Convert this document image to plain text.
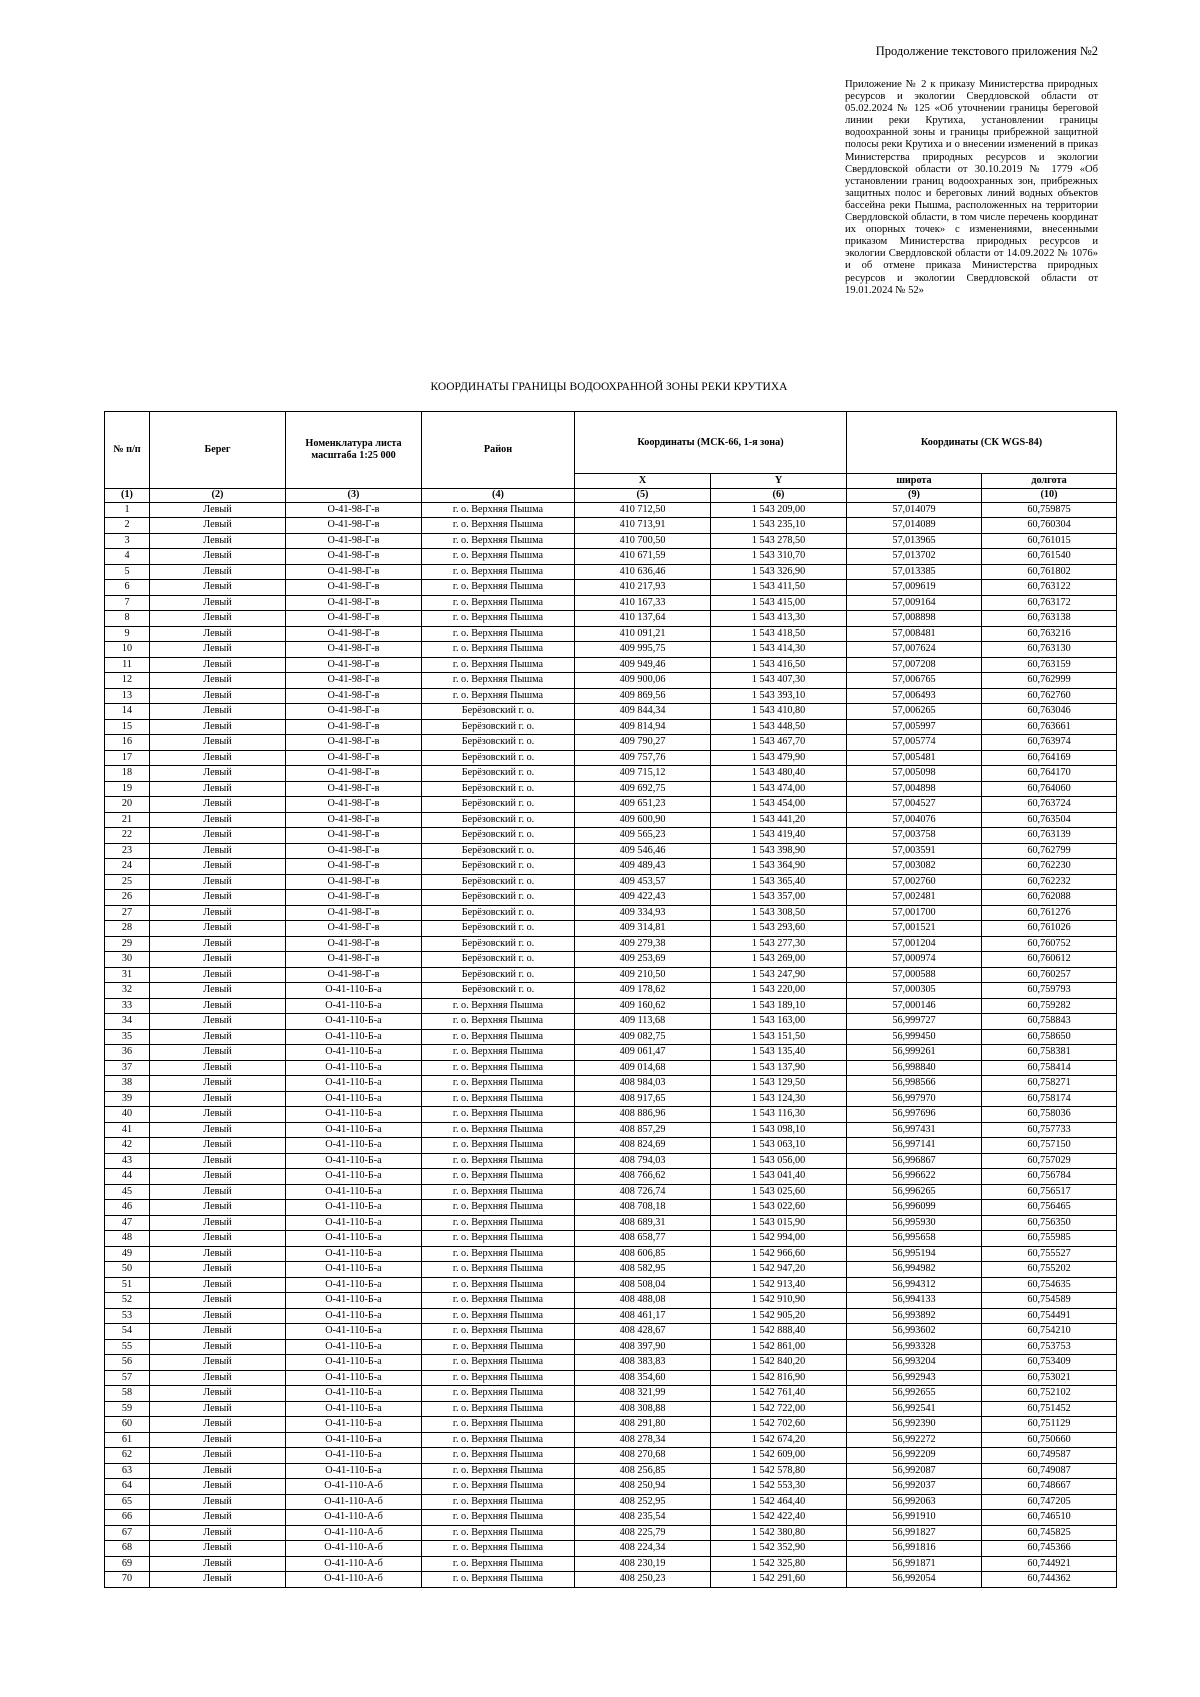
Продолжение текстового приложения №2
Приложение № 2 к приказу Министерства природных ресурсов и экологии Свердловской области от 05.02.2024 № 125 «Об уточнении границы береговой линии реки Крутиха, установлении границы водоохранной зоны и границы прибрежной защитной полосы реки Крутиха и о внесении изменений в приказ Министерства природных ресурсов и экологии Свердловской области от 30.10.2019 № 1779 «Об установлении границ водоохранных зон, прибрежных защитных полос и береговых линий водных объектов бассейна реки Пышма, расположенных на территории Свердловской области, в том числе перечень координат их опорных точек» с изменениями, внесенными приказом Министерства природных ресурсов и экологии Свердловской области от 14.09.2022 № 1076» и об отмене приказа Министерства природных ресурсов и экологии Свердловской области от 19.01.2024 № 52»
КООРДИНАТЫ ГРАНИЦЫ ВОДООХРАННОЙ ЗОНЫ РЕКИ КРУТИХА
№ п/п	Берег	Номенклатура листа масштаба 1:25 000	Район	Координаты (МСК-66, 1-я зона)		Координаты (СК WGS-84)	
				X	Y	широта	долгота
(1)	(2)	(3)	(4)	(5)	(6)	(9)	(10)
1	Левый	О-41-98-Г-в	г. о. Верхняя Пышма	410 712,50	1 543 209,00	57,014079	60,759875
2	Левый	О-41-98-Г-в	г. о. Верхняя Пышма	410 713,91	1 543 235,10	57,014089	60,760304
3	Левый	О-41-98-Г-в	г. о. Верхняя Пышма	410 700,50	1 543 278,50	57,013965	60,761015
4	Левый	О-41-98-Г-в	г. о. Верхняя Пышма	410 671,59	1 543 310,70	57,013702	60,761540
5	Левый	О-41-98-Г-в	г. о. Верхняя Пышма	410 636,46	1 543 326,90	57,013385	60,761802
6	Левый	О-41-98-Г-в	г. о. Верхняя Пышма	410 217,93	1 543 411,50	57,009619	60,763122
7	Левый	О-41-98-Г-в	г. о. Верхняя Пышма	410 167,33	1 543 415,00	57,009164	60,763172
8	Левый	О-41-98-Г-в	г. о. Верхняя Пышма	410 137,64	1 543 413,30	57,008898	60,763138
9	Левый	О-41-98-Г-в	г. о. Верхняя Пышма	410 091,21	1 543 418,50	57,008481	60,763216
10	Левый	О-41-98-Г-в	г. о. Верхняя Пышма	409 995,75	1 543 414,30	57,007624	60,763130
11	Левый	О-41-98-Г-в	г. о. Верхняя Пышма	409 949,46	1 543 416,50	57,007208	60,763159
12	Левый	О-41-98-Г-в	г. о. Верхняя Пышма	409 900,06	1 543 407,30	57,006765	60,762999
13	Левый	О-41-98-Г-в	г. о. Верхняя Пышма	409 869,56	1 543 393,10	57,006493	60,762760
14	Левый	О-41-98-Г-в	Берёзовский г. о.	409 844,34	1 543 410,80	57,006265	60,763046
15	Левый	О-41-98-Г-в	Берёзовский г. о.	409 814,94	1 543 448,50	57,005997	60,763661
16	Левый	О-41-98-Г-в	Берёзовский г. о.	409 790,27	1 543 467,70	57,005774	60,763974
17	Левый	О-41-98-Г-в	Берёзовский г. о.	409 757,76	1 543 479,90	57,005481	60,764169
18	Левый	О-41-98-Г-в	Берёзовский г. о.	409 715,12	1 543 480,40	57,005098	60,764170
19	Левый	О-41-98-Г-в	Берёзовский г. о.	409 692,75	1 543 474,00	57,004898	60,764060
20	Левый	О-41-98-Г-в	Берёзовский г. о.	409 651,23	1 543 454,00	57,004527	60,763724
21	Левый	О-41-98-Г-в	Берёзовский г. о.	409 600,90	1 543 441,20	57,004076	60,763504
22	Левый	О-41-98-Г-в	Берёзовский г. о.	409 565,23	1 543 419,40	57,003758	60,763139
23	Левый	О-41-98-Г-в	Берёзовский г. о.	409 546,46	1 543 398,90	57,003591	60,762799
24	Левый	О-41-98-Г-в	Берёзовский г. о.	409 489,43	1 543 364,90	57,003082	60,762230
25	Левый	О-41-98-Г-в	Берёзовский г. о.	409 453,57	1 543 365,40	57,002760	60,762232
26	Левый	О-41-98-Г-в	Берёзовский г. о.	409 422,43	1 543 357,00	57,002481	60,762088
27	Левый	О-41-98-Г-в	Берёзовский г. о.	409 334,93	1 543 308,50	57,001700	60,761276
28	Левый	О-41-98-Г-в	Берёзовский г. о.	409 314,81	1 543 293,60	57,001521	60,761026
29	Левый	О-41-98-Г-в	Берёзовский г. о.	409 279,38	1 543 277,30	57,001204	60,760752
30	Левый	О-41-98-Г-в	Берёзовский г. о.	409 253,69	1 543 269,00	57,000974	60,760612
31	Левый	О-41-98-Г-в	Берёзовский г. о.	409 210,50	1 543 247,90	57,000588	60,760257
32	Левый	О-41-110-Б-а	Берёзовский г. о.	409 178,62	1 543 220,00	57,000305	60,759793
33	Левый	О-41-110-Б-а	г. о. Верхняя Пышма	409 160,62	1 543 189,10	57,000146	60,759282
34	Левый	О-41-110-Б-а	г. о. Верхняя Пышма	409 113,68	1 543 163,00	56,999727	60,758843
35	Левый	О-41-110-Б-а	г. о. Верхняя Пышма	409 082,75	1 543 151,50	56,999450	60,758650
36	Левый	О-41-110-Б-а	г. о. Верхняя Пышма	409 061,47	1 543 135,40	56,999261	60,758381
37	Левый	О-41-110-Б-а	г. о. Верхняя Пышма	409 014,68	1 543 137,90	56,998840	60,758414
38	Левый	О-41-110-Б-а	г. о. Верхняя Пышма	408 984,03	1 543 129,50	56,998566	60,758271
39	Левый	О-41-110-Б-а	г. о. Верхняя Пышма	408 917,65	1 543 124,30	56,997970	60,758174
40	Левый	О-41-110-Б-а	г. о. Верхняя Пышма	408 886,96	1 543 116,30	56,997696	60,758036
41	Левый	О-41-110-Б-а	г. о. Верхняя Пышма	408 857,29	1 543 098,10	56,997431	60,757733
42	Левый	О-41-110-Б-а	г. о. Верхняя Пышма	408 824,69	1 543 063,10	56,997141	60,757150
43	Левый	О-41-110-Б-а	г. о. Верхняя Пышма	408 794,03	1 543 056,00	56,996867	60,757029
44	Левый	О-41-110-Б-а	г. о. Верхняя Пышма	408 766,62	1 543 041,40	56,996622	60,756784
45	Левый	О-41-110-Б-а	г. о. Верхняя Пышма	408 726,74	1 543 025,60	56,996265	60,756517
46	Левый	О-41-110-Б-а	г. о. Верхняя Пышма	408 708,18	1 543 022,60	56,996099	60,756465
47	Левый	О-41-110-Б-а	г. о. Верхняя Пышма	408 689,31	1 543 015,90	56,995930	60,756350
48	Левый	О-41-110-Б-а	г. о. Верхняя Пышма	408 658,77	1 542 994,00	56,995658	60,755985
49	Левый	О-41-110-Б-а	г. о. Верхняя Пышма	408 606,85	1 542 966,60	56,995194	60,755527
50	Левый	О-41-110-Б-а	г. о. Верхняя Пышма	408 582,95	1 542 947,20	56,994982	60,755202
51	Левый	О-41-110-Б-а	г. о. Верхняя Пышма	408 508,04	1 542 913,40	56,994312	60,754635
52	Левый	О-41-110-Б-а	г. о. Верхняя Пышма	408 488,08	1 542 910,90	56,994133	60,754589
53	Левый	О-41-110-Б-а	г. о. Верхняя Пышма	408 461,17	1 542 905,20	56,993892	60,754491
54	Левый	О-41-110-Б-а	г. о. Верхняя Пышма	408 428,67	1 542 888,40	56,993602	60,754210
55	Левый	О-41-110-Б-а	г. о. Верхняя Пышма	408 397,90	1 542 861,00	56,993328	60,753753
56	Левый	О-41-110-Б-а	г. о. Верхняя Пышма	408 383,83	1 542 840,20	56,993204	60,753409
57	Левый	О-41-110-Б-а	г. о. Верхняя Пышма	408 354,60	1 542 816,90	56,992943	60,753021
58	Левый	О-41-110-Б-а	г. о. Верхняя Пышма	408 321,99	1 542 761,40	56,992655	60,752102
59	Левый	О-41-110-Б-а	г. о. Верхняя Пышма	408 308,88	1 542 722,00	56,992541	60,751452
60	Левый	О-41-110-Б-а	г. о. Верхняя Пышма	408 291,80	1 542 702,60	56,992390	60,751129
61	Левый	О-41-110-Б-а	г. о. Верхняя Пышма	408 278,34	1 542 674,20	56,992272	60,750660
62	Левый	О-41-110-Б-а	г. о. Верхняя Пышма	408 270,68	1 542 609,00	56,992209	60,749587
63	Левый	О-41-110-Б-а	г. о. Верхняя Пышма	408 256,85	1 542 578,80	56,992087	60,749087
64	Левый	О-41-110-А-б	г. о. Верхняя Пышма	408 250,94	1 542 553,30	56,992037	60,748667
65	Левый	О-41-110-А-б	г. о. Верхняя Пышма	408 252,95	1 542 464,40	56,992063	60,747205
66	Левый	О-41-110-А-б	г. о. Верхняя Пышма	408 235,54	1 542 422,40	56,991910	60,746510
67	Левый	О-41-110-А-б	г. о. Верхняя Пышма	408 225,79	1 542 380,80	56,991827	60,745825
68	Левый	О-41-110-А-б	г. о. Верхняя Пышма	408 224,34	1 542 352,90	56,991816	60,745366
69	Левый	О-41-110-А-б	г. о. Верхняя Пышма	408 230,19	1 542 325,80	56,991871	60,744921
70	Левый	О-41-110-А-б	г. о. Верхняя Пышма	408 250,23	1 542 291,60	56,992054	60,744362
